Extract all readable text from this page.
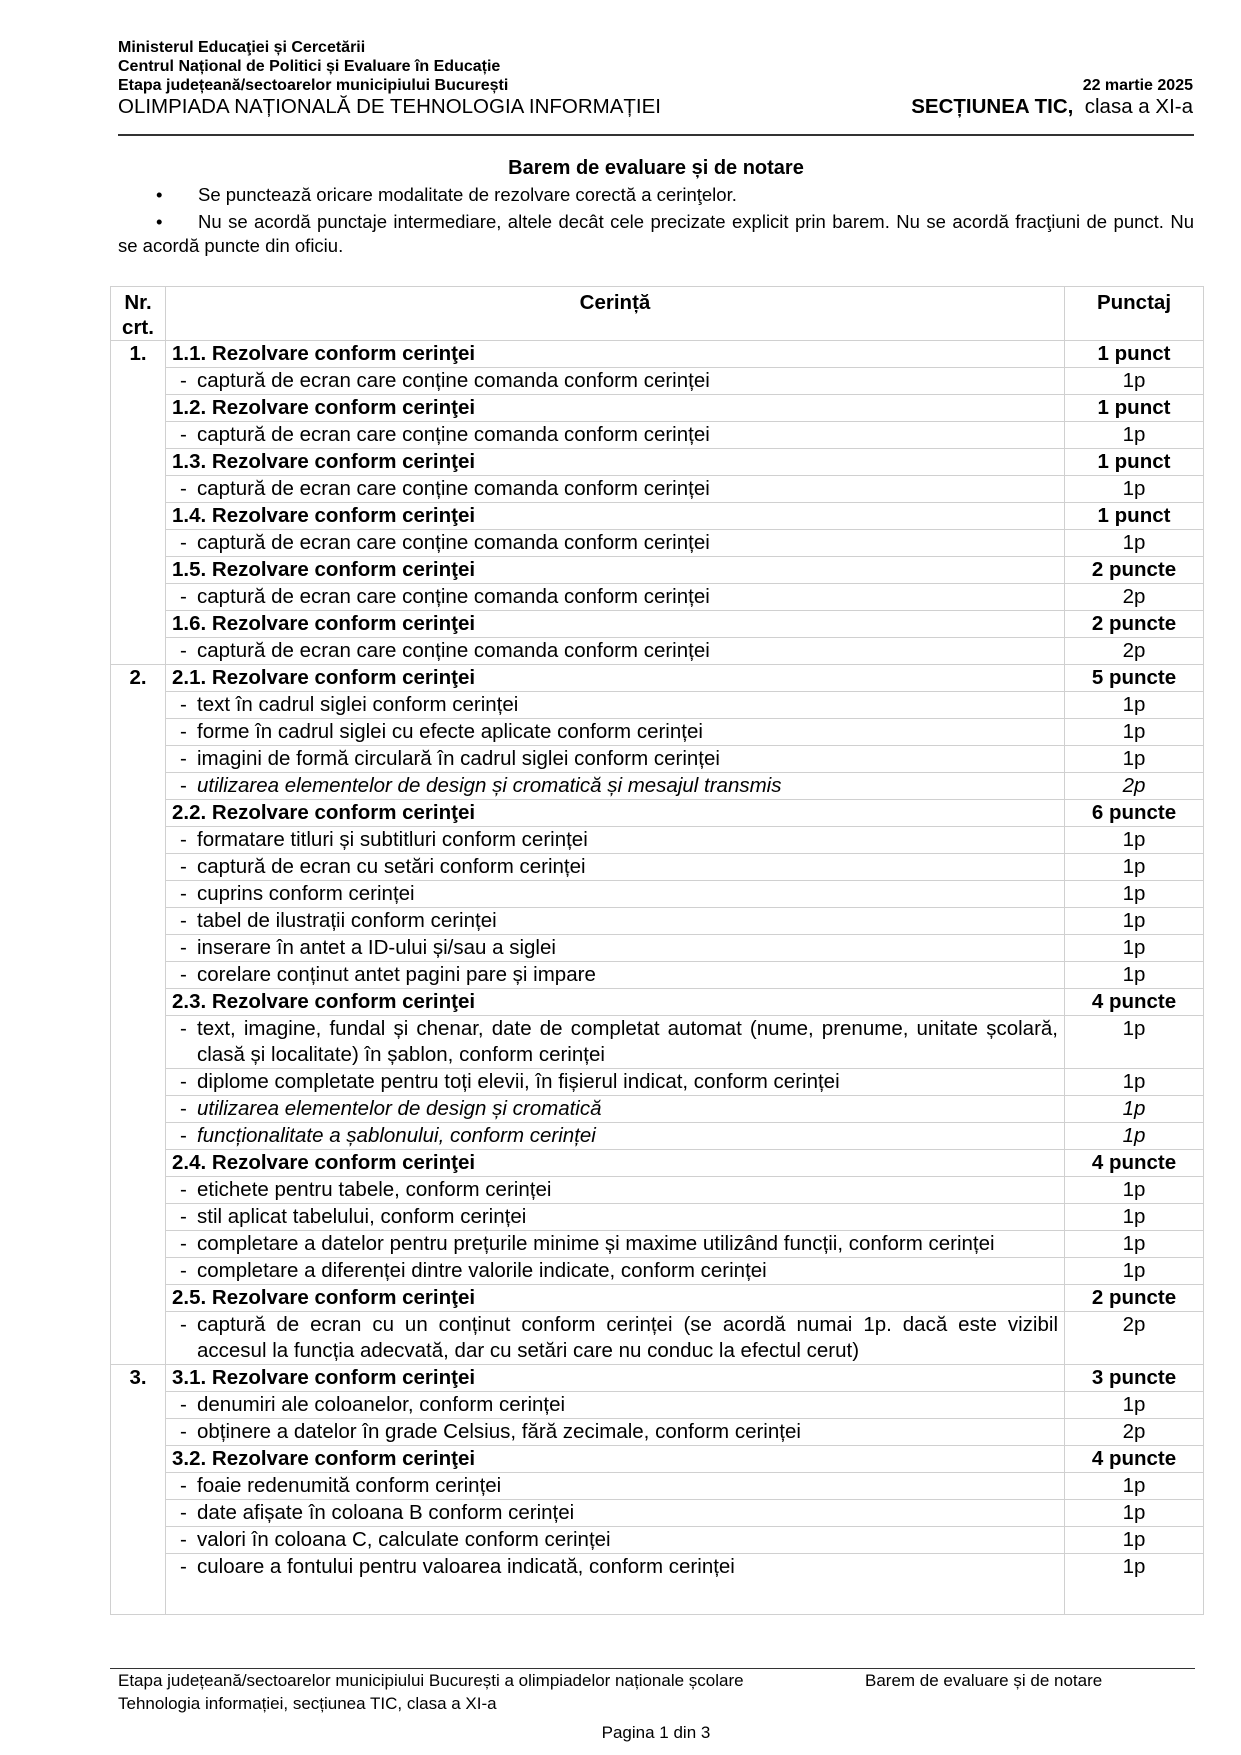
Ministerul Educaţiei și Cercetării
Centrul Național de Politici și Evaluare în Educație
Etapa județeană/sectoarelor municipiului București	22 martie 2025
OLIMPIADA NAȚIONALĂ DE TEHNOLOGIA INFORMAȚIEI	SECȚIUNEA TIC, clasa a XI-a
Barem de evaluare și de notare
• Se punctează oricare modalitate de rezolvare corectă a cerinţelor.
• Nu se acordă punctaje intermediare, altele decât cele precizate explicit prin barem. Nu se acordă fracţiuni de punct. Nu se acordă puncte din oficiu.
Nr. crt.	Cerință	Punctaj
1.	1.1. Rezolvare conform cerinţei	1 punct

	- captură de ecran care conține comanda conform cerinței	1p
	1.2. Rezolvare conform cerinţei	1 punct

	- captură de ecran care conține comanda conform cerinței	1p
	1.3. Rezolvare conform cerinţei	1 punct

	- captură de ecran care conține comanda conform cerinței	1p
	1.4. Rezolvare conform cerinţei	1 punct

	- captură de ecran care conține comanda conform cerinței	1p
	1.5. Rezolvare conform cerinţei	2 puncte

	- captură de ecran care conține comanda conform cerinței	2p
	1.6. Rezolvare conform cerinţei	2 puncte

	- captură de ecran care conține comanda conform cerinței	2p
2.	2.1. Rezolvare conform cerinţei	5 puncte

	- text în cadrul siglei conform cerinței	1p

	- forme în cadrul siglei cu efecte aplicate conform cerinței	1p

	- imagini de formă circulară în cadrul siglei conform cerinței	1p

	- utilizarea elementelor de design și cromatică și mesajul transmis	2p
	2.2. Rezolvare conform cerinţei	6 puncte

	- formatare titluri și subtitluri conform cerinței	1p

	- captură de ecran cu setări conform cerinței	1p

	- cuprins conform cerinței	1p

	- tabel de ilustrații conform cerinței	1p

	- inserare în antet a ID-ului și/sau a siglei	1p

	- corelare conținut antet pagini pare și impare	1p
	2.3. Rezolvare conform cerinţei	4 puncte

	- text, imagine, fundal și chenar, date de completat automat (nume, prenume, unitate școlară, clasă și localitate) în șablon, conform cerinței	1p

	- diplome completate pentru toți elevii, în fișierul indicat, conform cerinței	1p

	- utilizarea elementelor de design și cromatică	1p

	- funcționalitate a șablonului, conform cerinței	1p
	2.4. Rezolvare conform cerinţei	4 puncte

	- etichete pentru tabele, conform cerinței	1p

	- stil aplicat tabelului, conform cerinței	1p

	- completare a datelor pentru prețurile minime și maxime utilizând funcții, conform cerinței	1p

	- completare a diferenței dintre valorile indicate, conform cerinței	1p
	2.5. Rezolvare conform cerinţei	2 puncte

	- captură de ecran cu un conținut conform cerinței (se acordă numai 1p. dacă este vizibil accesul la funcția adecvată, dar cu setări care nu conduc la efectul cerut)	2p
3.	3.1. Rezolvare conform cerinţei	3 puncte

	- denumiri ale coloanelor, conform cerinței	1p

	- obținere a datelor în grade Celsius, fără zecimale, conform cerinței	2p
	3.2. Rezolvare conform cerinţei	4 puncte

	- foaie redenumită conform cerinței	1p

	- date afișate în coloana B conform cerinței	1p

	- valori în coloana C, calculate conform cerinței	1p

	- culoare a fontului pentru valoarea indicată, conform cerinței	1p
Etapa județeană/sectoarelor municipiului București a olimpiadelor naționale școlare	Barem de evaluare și de notare
Tehnologia informației, secțiunea TIC, clasa a XI-a
Pagina 1 din 3
